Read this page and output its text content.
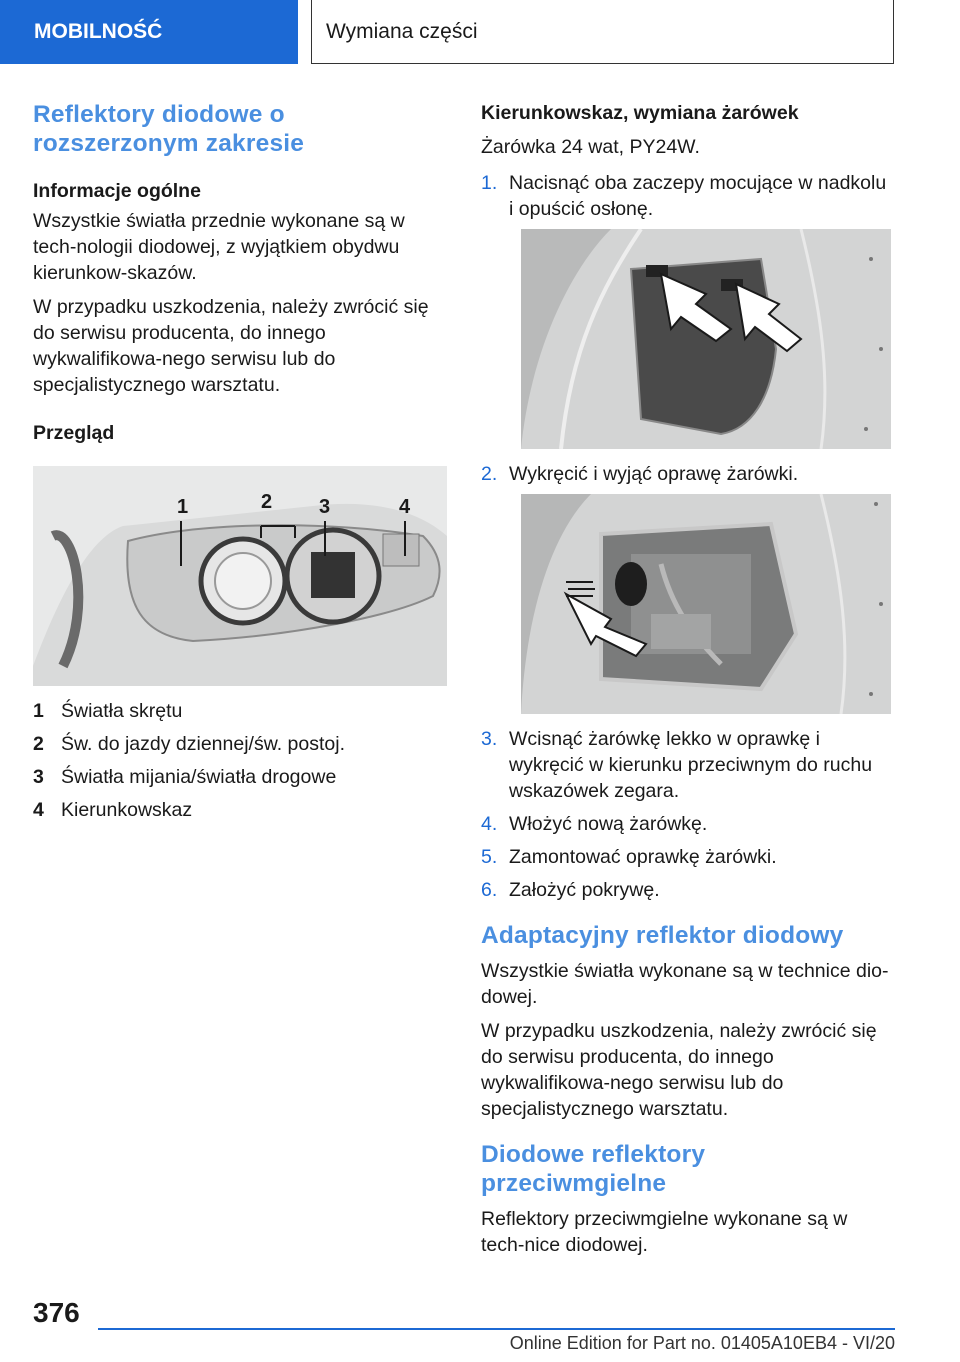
MOBILNOŚĆ	Wymiana części
Reflektory diodowe o rozszerzonym zakresie
Informacje ogólne

Wszystkie światła przednie wykonane są w tech-nologii diodowej, z wyjątkiem obydwu kierunkow-skazów.

W przypadku uszkodzenia, należy zwrócić się do serwisu producenta, do innego wykwalifikowa-nego serwisu lub do specjalistycznego warsztatu.

Przegląd
1	2 3	4
1 Światła skrętu
2 Św. do jazdy dziennej/św. postoj.
3 Światła mijania/światła drogowe
4 Kierunkowskaz
Kierunkowskaz, wymiana żarówek

Żarówka 24 wat, PY24W.

1. Nacisnąć oba zaczepy mocujące w nadkolu i opuścić osłonę.
2. Wykręcić i wyjąć oprawę żarówki.
3. Wcisnąć żarówkę lekko w oprawkę i wykręcić w kierunku przeciwnym do ruchu wskazówek zegara.
4. Włożyć nową żarówkę.
5. Zamontować oprawkę żarówki.
6. Założyć pokrywę.
Adaptacyjny reflektor diodowy

Wszystkie światła wykonane są w technice dio-dowej.

W przypadku uszkodzenia, należy zwrócić się do serwisu producenta, do innego wykwalifikowa-nego serwisu lub do specjalistycznego warsztatu.

Diodowe reflektory przeciwmgielne

Reflektory przeciwmgielne wykonane są w tech-nice diodowej.

376
Online Edition for Part no. 01405A10EB4 - VI/20
